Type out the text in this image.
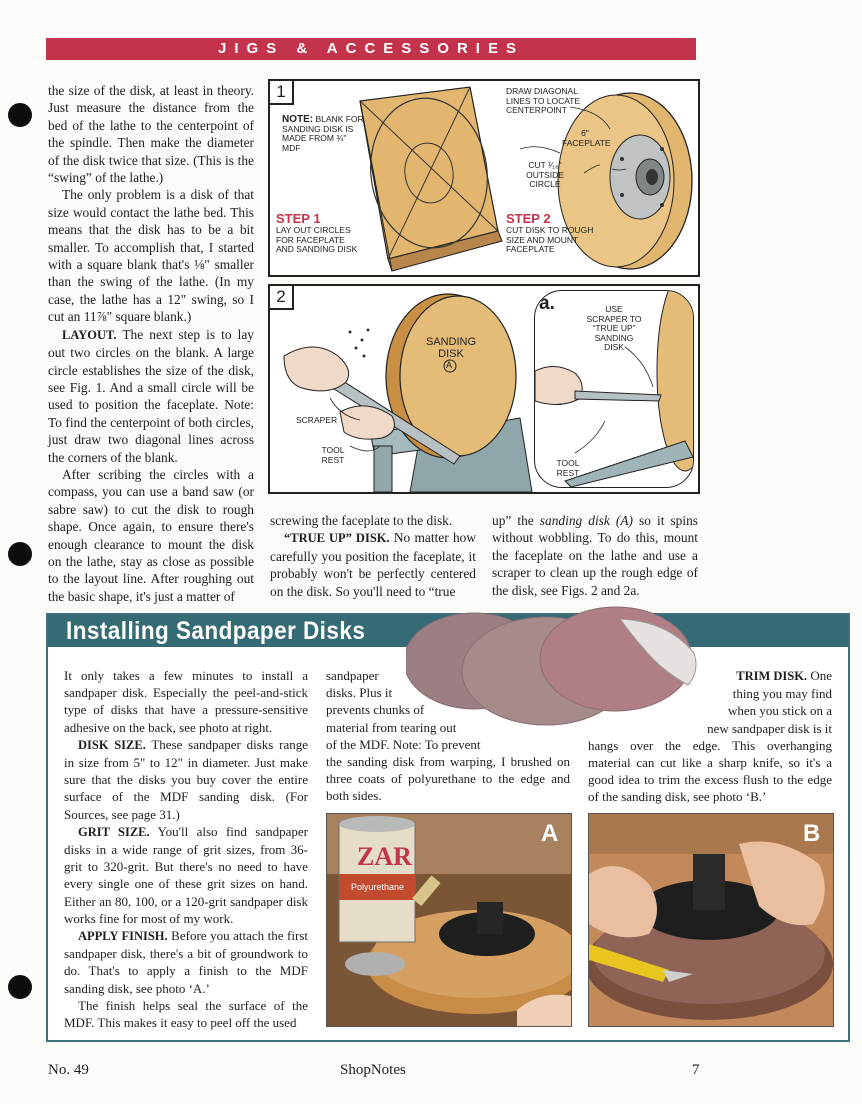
JIGS & ACCESSORIES

the size of the disk, at least in theory. Just measure the distance from the bed of the lathe to the centerpoint of the spindle. Then make the diameter of the disk twice that size. (This is the “swing” of the lathe.)

The only problem is a disk of that size would contact the lathe bed. This means that the disk has to be a bit smaller. To accomplish that, I started with a square blank that's ⅛" smaller than the swing of the lathe. (In my case, the lathe has a 12" swing, so I cut an 11⅞" square blank.)

LAYOUT. The next step is to lay out two circles on the blank. A large circle establishes the size of the disk, see Fig. 1. And a small circle will be used to position the faceplate. Note: To find the centerpoint of both circles, just draw two diagonal lines across the corners of the blank.

After scribing the circles with a compass, you can use a band saw (or sabre saw) to cut the disk to rough shape. Once again, to ensure there's enough clearance to mount the disk on the lathe, stay as close as possible to the layout line. After roughing out the basic shape, it's just a matter of

1
NOTE: BLANK FOR SANDING DISK IS MADE FROM ¾" MDF
STEP 1
LAY OUT CIRCLES FOR FACEPLATE AND SANDING DISK
DRAW DIAGONAL LINES TO LOCATE CENTERPOINT
6" FACEPLATE
CUT ¹⁄₁₆" OUTSIDE CIRCLE
STEP 2
CUT DISK TO ROUGH SIZE AND MOUNT FACEPLATE
2
SANDING DISK
A
SCRAPER
TOOL REST
a.	USE SCRAPER TO “TRUE UP” SANDING DISK
TOOL REST

screwing the faceplate to the disk.

“TRUE UP” DISK. No matter how carefully you position the faceplate, it probably won't be perfectly centered on the disk. So you'll need to “true

up” the sanding disk (A) so it spins without wobbling. To do this, mount the faceplate on the lathe and use a scraper to clean up the rough edge of the disk, see Figs. 2 and 2a.

Installing Sandpaper Disks

It only takes a few minutes to install a sandpaper disk. Especially the peel-and-stick type of disks that have a pressure-sensitive adhesive on the back, see photo at right.

DISK SIZE. These sandpaper disks range in size from 5" to 12" in diameter. Just make sure that the disks you buy cover the entire surface of the MDF sanding disk. (For Sources, see page 31.)

GRIT SIZE. You'll also find sandpaper disks in a wide range of grit sizes, from 36-grit to 320-grit. But there's no need to have every single one of these grit sizes on hand. Either an 80, 100, or a 120-grit sandpaper disk works fine for most of my work.

APPLY FINISH. Before you attach the first sandpaper disk, there's a bit of groundwork to do. That's to apply a finish to the MDF sanding disk, see photo ‘A.’

The finish helps seal the surface of the MDF. This makes it easy to peel off the used

sandpaper
disks. Plus it
prevents chunks of
material from tearing out
of the MDF. Note: To prevent

the sanding disk from warping, I brushed on three coats of polyurethane to the edge and both sides.

TRIM DISK. One
thing you may find
when you stick on a
new sandpaper disk is it

hangs over the edge. This overhanging material can cut like a sharp knife, so it's a good idea to trim the excess flush to the edge of the sanding disk, see photo ‘B.’

ZAR
Polyurethane
A	B
No. 49	ShopNotes	7
